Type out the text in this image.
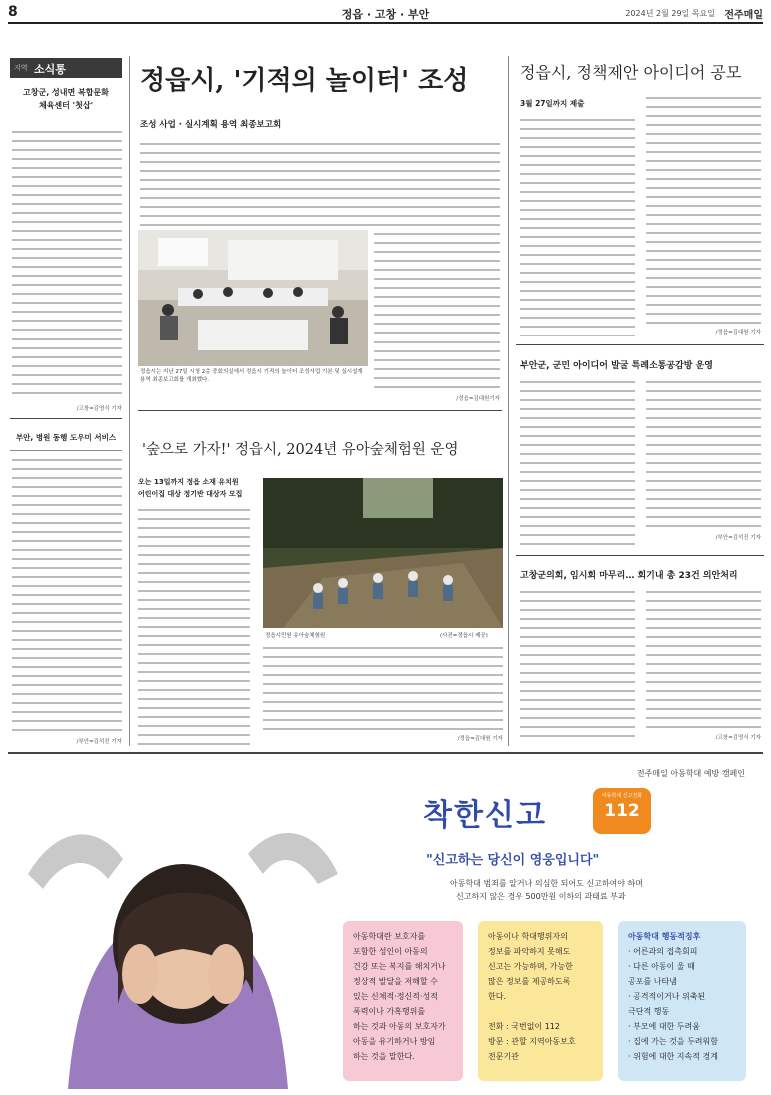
8	정읍 · 고창 · 부안	2024년 2월 29일 목요일 전주매일
지역 소식통
고창군, 성내면 복합문화
체육센터 '첫삽'
/고창=김영식 기자
부안, 병원 동행 도우미 서비스
/부안=김석진 기자
정읍시, '기적의 놀이터' 조성
조성 사업 · 실시계획 용역 최종보고회
정읍시는 지난 27일 시청 2층 중회의실에서 정읍시 기적의 놀이터 조성사업 기본 및 실시설계 용역 최종보고회를 개최했다.
/정읍=김대원기자
'숲으로 가자!' 정읍시, 2024년 유아숲체험원 운영
오는 13일까지 정읍 소재 유치원
어린이집 대상 정기반 대상자 모집
정읍시민원 유아숲체험원	(사진=정읍시 제공)
/정읍=김대원 기자
정읍시, 정책제안 아이디어 공모
3월 27일까지 제출
/정읍=김대원 기자
부안군, 군민 아이디어 발굴 특례소통공감방 운영
/부안=김석진 기자
고창군의회, 임시회 마무리… 회기내 총 23건 의안처리
/고창=김영식 기자
전주매일 아동학대 예방 캠페인
착한신고
아동학대 신고전화
112
"신고하는 당신이 영웅입니다"
아동학대 범죄를 알거나 의심한 되어도 신고하여야 하며
신고하지 않은 경우 500만원 이하의 과태료 부과
아동학대란 보호자를
포함한 성인이 아동의
건강 또는 복지를 해치거나
정상적 발달을 저해할 수
있는 신체적·정신적·성적
폭력이나 가혹행위를
하는 것과 아동의 보호자가
아동을 유기하거나 방임
하는 것을 말한다.
아동이나 학대행위자의
정보를 파악하지 못해도
신고는 가능하며, 가능한
많은 정보를 제공하도록
한다.

전화 : 국번없이 112
방문 : 관할 지역아동보호
전문기관
아동학대 행동적징후
· 어른과의 접촉회피
· 다른 아동이 울 때
공포를 나타냄
· 공격적이거나 위축된
극단적 행동
· 부모에 대한 두려움
· 집에 가는 것을 두려워함
· 위험에 대한 지속적 경계
